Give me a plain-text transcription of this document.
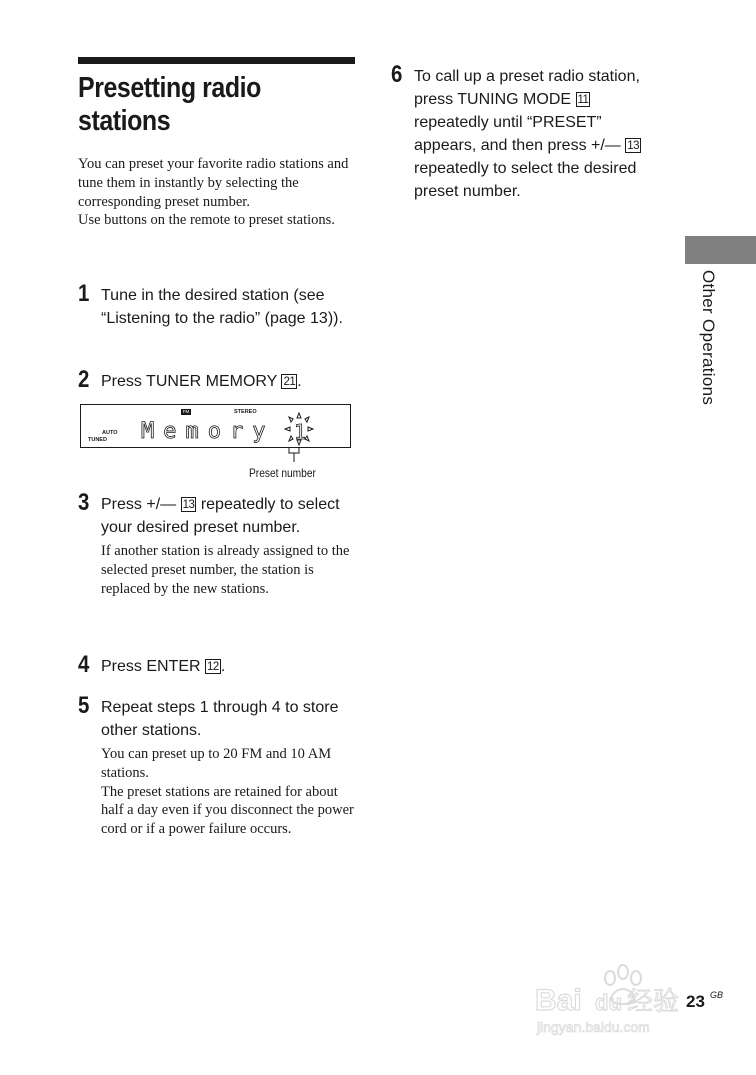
Presetting radio
stations

You can preset your favorite radio stations and tune them in instantly by selecting the corresponding preset number.

Use buttons on the remote to preset stations.

1 Tune in the desired station (see “Listening to the radio” (page 13)).

2 Press TUNER MEMORY 21 .

FM	STEREO
AUTO
TUNED Memory 1
Preset number
3 Press +/— 13 repeatedly to select your desired preset number.

If another station is already assigned to the selected preset number, the station is replaced by the new stations.

4 Press ENTER 12 .

5 Repeat steps 1 through 4 to store other stations.

You can preset up to 20 FM and 10 AM stations.

The preset stations are retained for about half a day even if you disconnect the power cord or if a power failure occurs.

6 To call up a preset radio station, press TUNING MODE 11 repeatedly until “PRESET” appears, and then press +/— 13 repeatedly to select the desired preset number.

Other Operations
Bai du 经验
jingyan.baidu.com
23 GB
